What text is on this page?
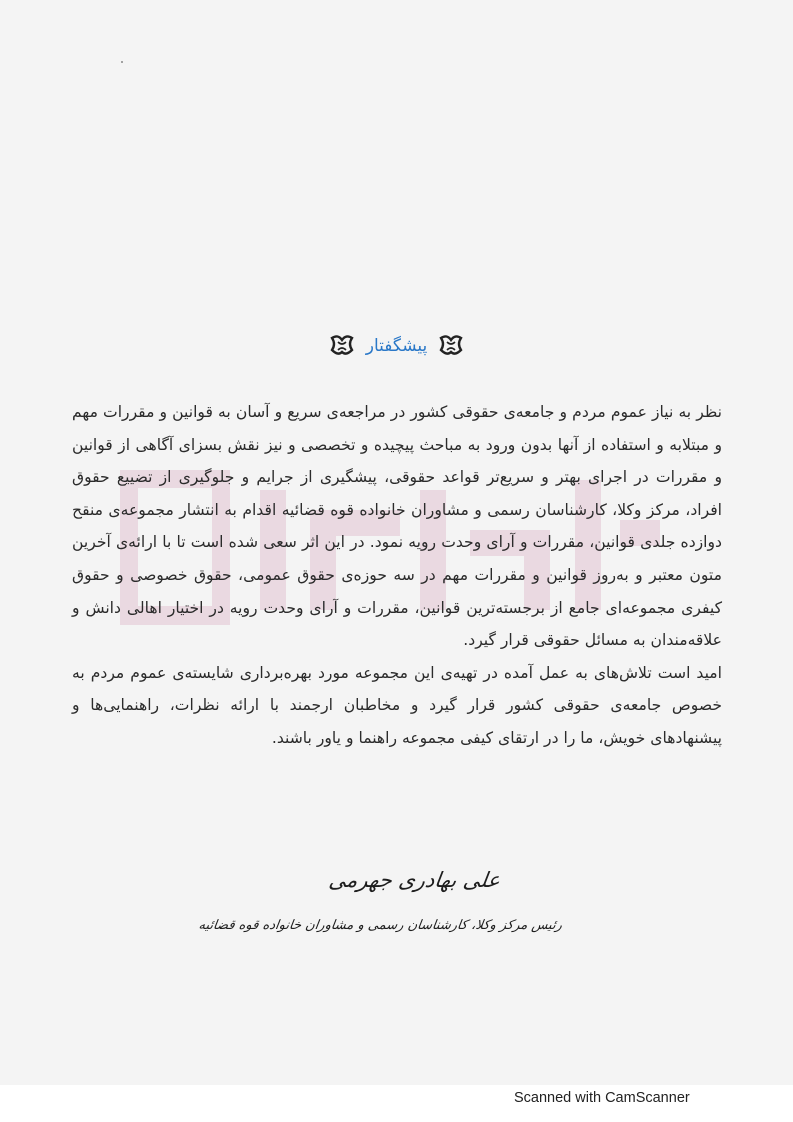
پیشگفتار

نظر به نیاز عموم مردم و جامعه‌ی حقوقی کشور در مراجعه‌ی سریع و آسان به قوانین و مقررات مهم و مبتلابه و استفاده از آنها بدون ورود به مباحث پیچیده و تخصصی و نیز نقش بسزای آگاهی از قوانین و مقررات در اجرای بهتر و سریع‌تر قواعد حقوقی، پیشگیری از جرایم و جلوگیری از تضییع حقوق افراد، مرکز وکلا، کارشناسان رسمی و مشاوران خانواده قوه قضائیه اقدام به انتشار مجموعه‌ی منقح دوازده جلدی قوانین، مقررات و آرای وحدت رویه نمود. در این اثر سعی شده است تا با ارائه‌ی آخرین متون معتبر و به‌روز قوانین و مقررات مهم در سه حوزه‌ی حقوق عمومی، حقوق خصوصی و حقوق کیفری مجموعه‌ای جامع از برجسته‌ترین قوانین، مقررات و آرای وحدت رویه در اختیار اهالی دانش و علاقه‌مندان به مسائل حقوقی قرار گیرد.

امید است تلاش‌های به عمل آمده در تهیه‌ی این مجموعه مورد بهره‌برداری شایسته‌ی عموم مردم به خصوص جامعه‌ی حقوقی کشور قرار گیرد و مخاطبان ارجمند با ارائه نظرات، راهنمایی‌ها و پیشنهادهای خویش، ما را در ارتقای کیفی مجموعه راهنما و یاور باشند.

علی بهادری جهرمی
رئیس مرکز وکلا، کارشناسان رسمی و مشاوران خانواده قوه قضائیه
Scanned with CamScanner
